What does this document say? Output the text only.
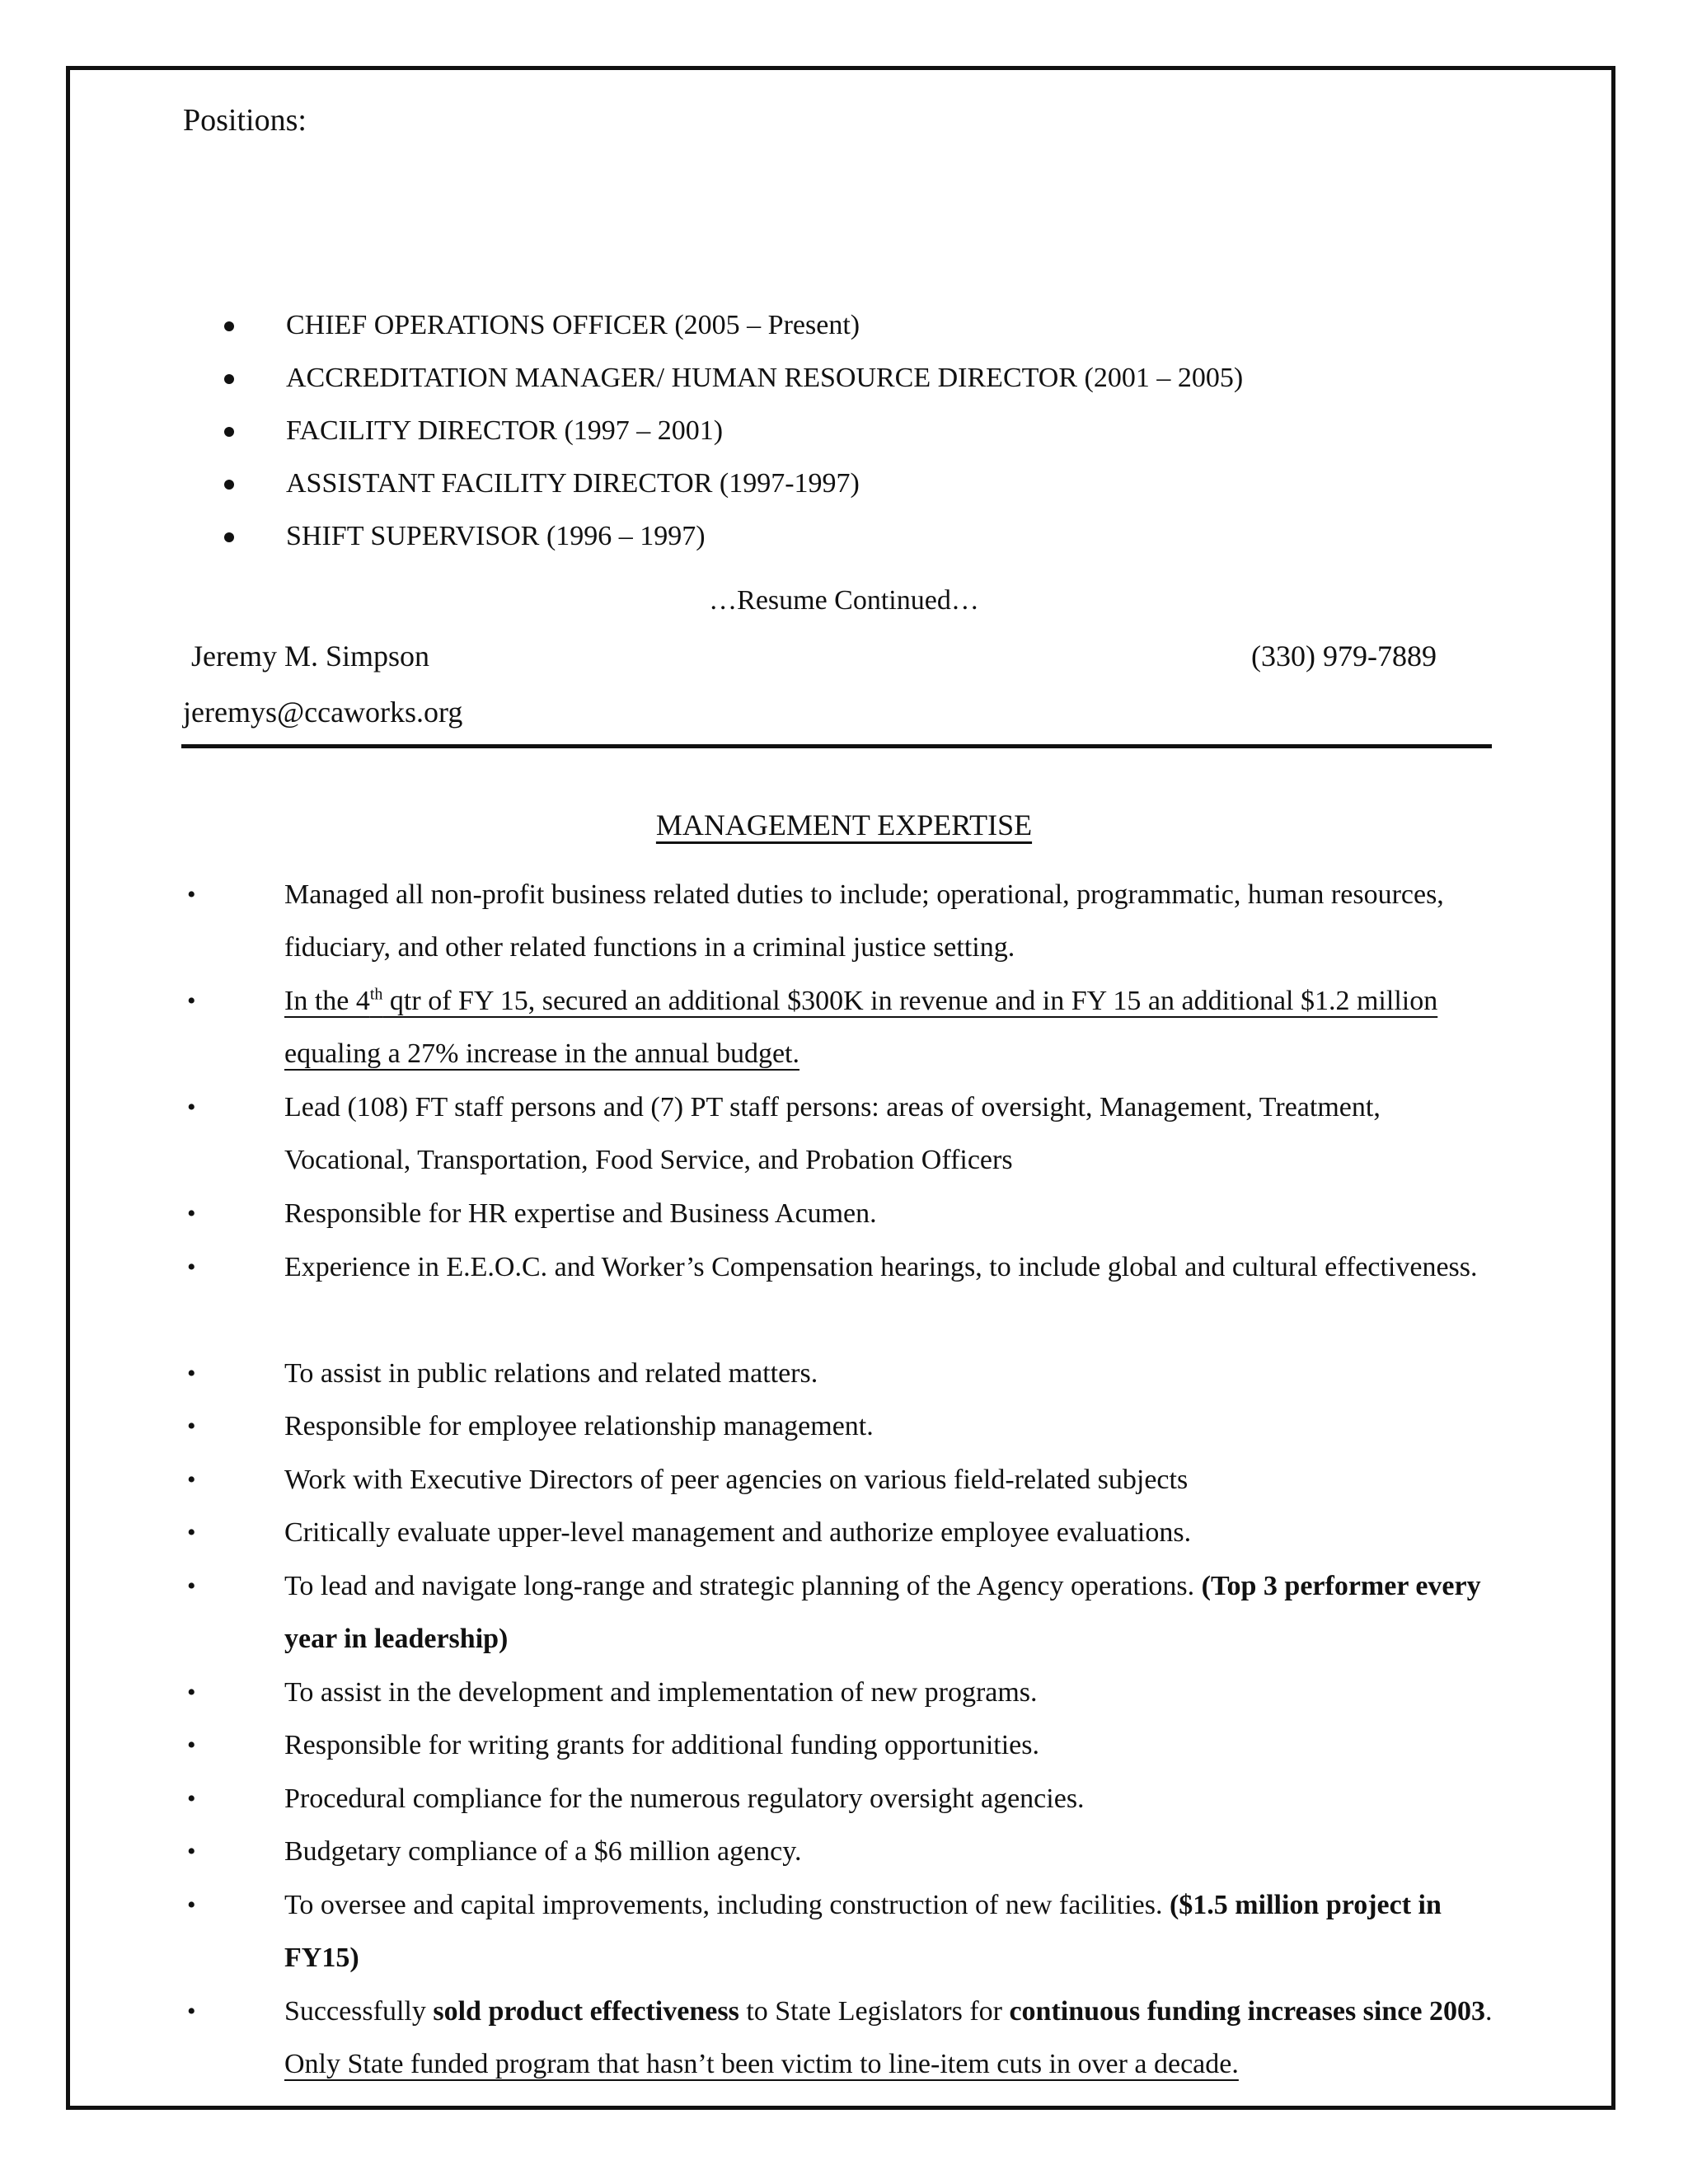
Positions:
CHIEF OPERATIONS OFFICER (2005 – Present)
ACCREDITATION MANAGER/ HUMAN RESOURCE DIRECTOR (2001 – 2005)
FACILITY DIRECTOR (1997 – 2001)
ASSISTANT FACILITY DIRECTOR (1997-1997)
SHIFT SUPERVISOR (1996 – 1997)
…Resume Continued…
Jeremy M. Simpson	(330) 979-7889
jeremys@ccaworks.org
MANAGEMENT EXPERTISE
•	Managed all non-profit business related duties to include; operational, programmatic, human resources, fiduciary, and other related functions in a criminal justice setting.
•	In the 4th qtr of FY 15, secured an additional $300K in revenue and in FY 15 an additional $1.2 million equaling a 27% increase in the annual budget.
•	Lead (108) FT staff persons and (7) PT staff persons: areas of oversight, Management, Treatment, Vocational, Transportation, Food Service, and Probation Officers
•	Responsible for HR expertise and Business Acumen.
•	Experience in E.E.O.C. and Worker’s Compensation hearings, to include global and cultural effectiveness.
•	To assist in public relations and related matters.
•	Responsible for employee relationship management.
•	Work with Executive Directors of peer agencies on various field-related subjects
•	Critically evaluate upper-level management and authorize employee evaluations.
•	To lead and navigate long-range and strategic planning of the Agency operations. (Top 3 performer every year in leadership)
•	To assist in the development and implementation of new programs.
•	Responsible for writing grants for additional funding opportunities.
•	Procedural compliance for the numerous regulatory oversight agencies.
•	Budgetary compliance of a $6 million agency.
•	To oversee and capital improvements, including construction of new facilities. ($1.5 million project in FY15)
•	Successfully sold product effectiveness to State Legislators for continuous funding increases since 2003. Only State funded program that hasn’t been victim to line-item cuts in over a decade.
